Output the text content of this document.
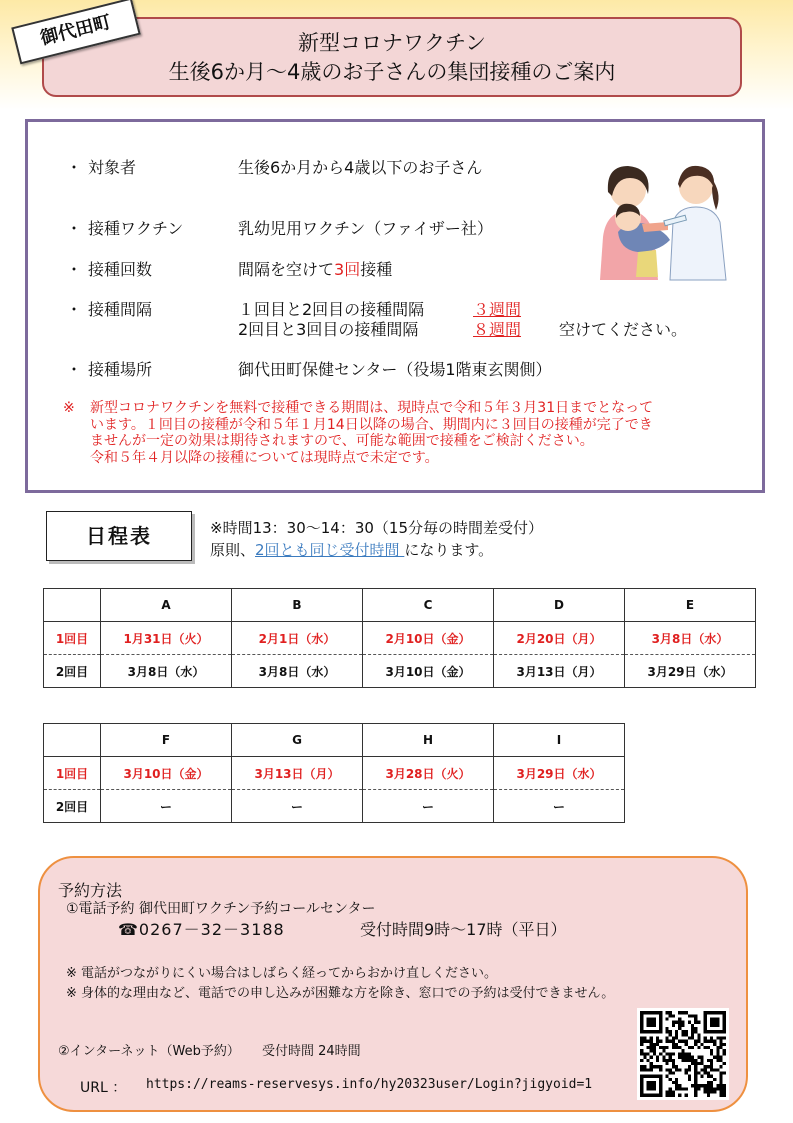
新型コロナワクチン
生後6か月～4歳のお子さんの集団接種のご案内
御代田町
・ 対象者	生後6か月から4歳以下のお子さん
・ 接種ワクチン	乳幼児用ワクチン（ファイザー社）
・ 接種回数	間隔を空けて3回接種
・ 接種間隔	１回目と2回目の接種間隔	３週間
2回目と3回目の接種間隔	８週間 空けてください。
・ 接種場所	御代田町保健センター（役場1階東玄関側）
※ 新型コロナワクチンを無料で接種できる期間は、現時点で令和５年３月31日までとなって
います。１回目の接種が令和５年１月14日以降の場合、期間内に３回目の接種が完了でき
ませんが一定の効果は期待されますので、可能な範囲で接種をご検討ください。
令和５年４月以降の接種については現時点で未定です。
日程表	※時間13：30～14：30（15分毎の時間差受付）
原則、2回とも同じ受付時間 になります。
	A	B	C	D	E
1回目	1月31日（火）	2月1日（水）	2月10日（金）	2月20日（月）	3月8日（水）
2回目	3月8日（水）	3月8日（水）	3月10日（金）	3月13日（月）	3月29日（水）
	F	G	H	I
1回目	3月10日（金）	3月13日（月）	3月28日（火）	3月29日（水）
2回目	ー	ー	ー	ー
予約方法
①電話予約 御代田町ワクチン予約コールセンター
☎0267－32－3188	受付時間9時～17時（平日）
※ 電話がつながりにくい場合はしばらく経ってからおかけ直しください。
※ 身体的な理由など、電話での申し込みが困難な方を除き、窓口での予約は受付できません。
②インターネット（Web予約） 受付時間 24時間
URL ： https://reams-reservesys.info/hy20323user/Login?jigyoid=1
